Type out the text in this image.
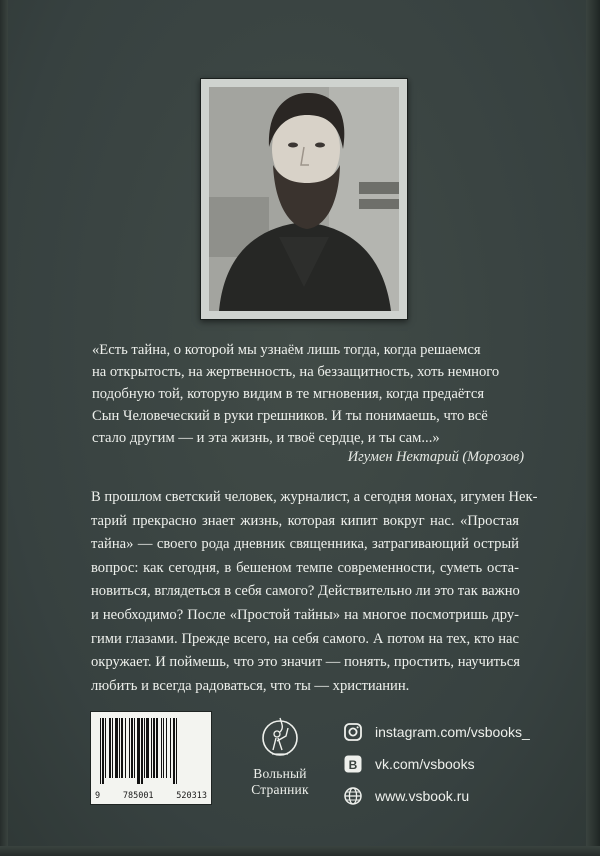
«Есть тайна, о которой мы узнаём лишь тогда, когда решаемся
на открытость, на жертвенность, на беззащитность, хоть немного
подобную той, которую видим в те мгновения, когда предаётся
Сын Человеческий в руки грешников. И ты понимаешь, что всё
стало другим — и эта жизнь, и твоё сердце, и ты сам...»

Игумен Нектарий (Морозов)

В прошлом светский человек, журналист, а сегодня монах, игумен Нек-
тарий прекрасно знает жизнь, которая кипит вокруг нас. «Простая
тайна» — своего рода дневник священника, затрагивающий острый
вопрос: как сегодня, в бешеном темпе современности, суметь оста-
новиться, вглядеться в себя самого? Действительно ли это так важно
и необходимо? После «Простой тайны» на многое посмотришь дру-
гими глазами. Прежде всего, на себя самого. А потом на тех, кто нас
окружает. И поймешь, что это значит — понять, простить, научиться
любить и всегда радоваться, что ты — христианин.

9	785001	520313
Вольный
Странник
instagram.com/vsbooks_
B vk.com/vsbooks
www.vsbook.ru
